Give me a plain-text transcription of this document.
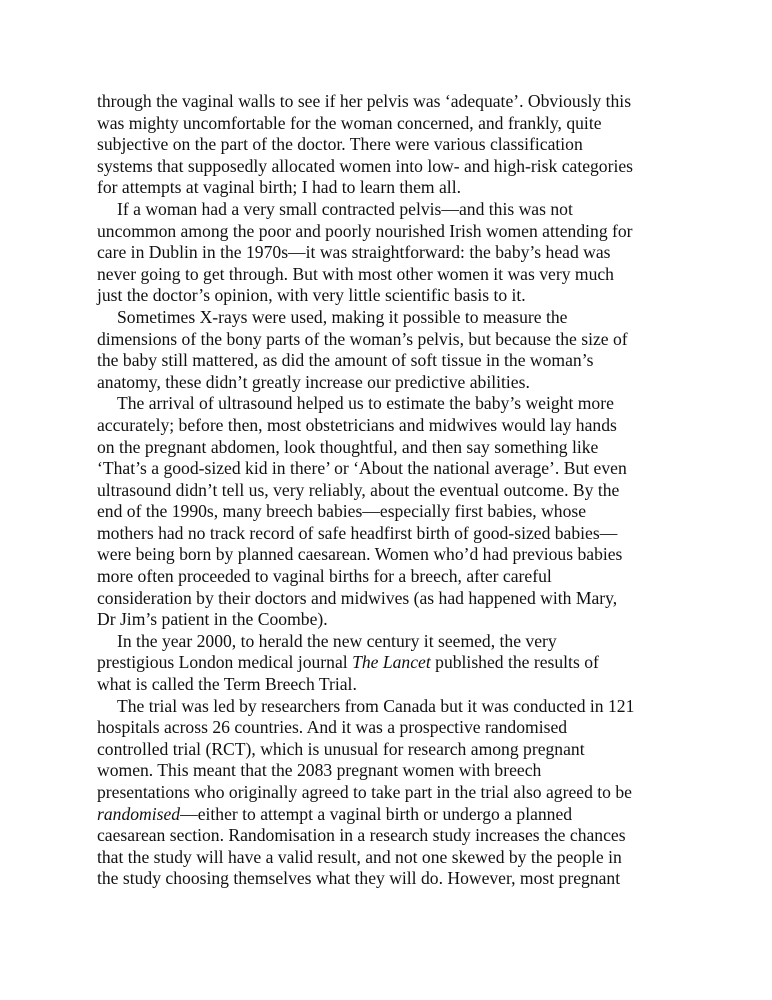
through the vaginal walls to see if her pelvis was ‘adequate’. Obviously this
was mighty uncomfortable for the woman concerned, and frankly, quite
subjective on the part of the doctor. There were various classification
systems that supposedly allocated women into low- and high-risk categories
for attempts at vaginal birth; I had to learn them all.

If a woman had a very small contracted pelvis—and this was not
uncommon among the poor and poorly nourished Irish women attending for
care in Dublin in the 1970s—it was straightforward: the baby’s head was
never going to get through. But with most other women it was very much
just the doctor’s opinion, with very little scientific basis to it.

Sometimes X-rays were used, making it possible to measure the
dimensions of the bony parts of the woman’s pelvis, but because the size of
the baby still mattered, as did the amount of soft tissue in the woman’s
anatomy, these didn’t greatly increase our predictive abilities.

The arrival of ultrasound helped us to estimate the baby’s weight more
accurately; before then, most obstetricians and midwives would lay hands
on the pregnant abdomen, look thoughtful, and then say something like
‘That’s a good-sized kid in there’ or ‘About the national average’. But even
ultrasound didn’t tell us, very reliably, about the eventual outcome. By the
end of the 1990s, many breech babies—especially first babies, whose
mothers had no track record of safe headfirst birth of good-sized babies—
were being born by planned caesarean. Women who’d had previous babies
more often proceeded to vaginal births for a breech, after careful
consideration by their doctors and midwives (as had happened with Mary,
Dr Jim’s patient in the Coombe).

In the year 2000, to herald the new century it seemed, the very
prestigious London medical journal The Lancet published the results of
what is called the Term Breech Trial.

The trial was led by researchers from Canada but it was conducted in 121
hospitals across 26 countries. And it was a prospective randomised
controlled trial (RCT), which is unusual for research among pregnant
women. This meant that the 2083 pregnant women with breech
presentations who originally agreed to take part in the trial also agreed to be
randomised—either to attempt a vaginal birth or undergo a planned
caesarean section. Randomisation in a research study increases the chances
that the study will have a valid result, and not one skewed by the people in
the study choosing themselves what they will do. However, most pregnant
